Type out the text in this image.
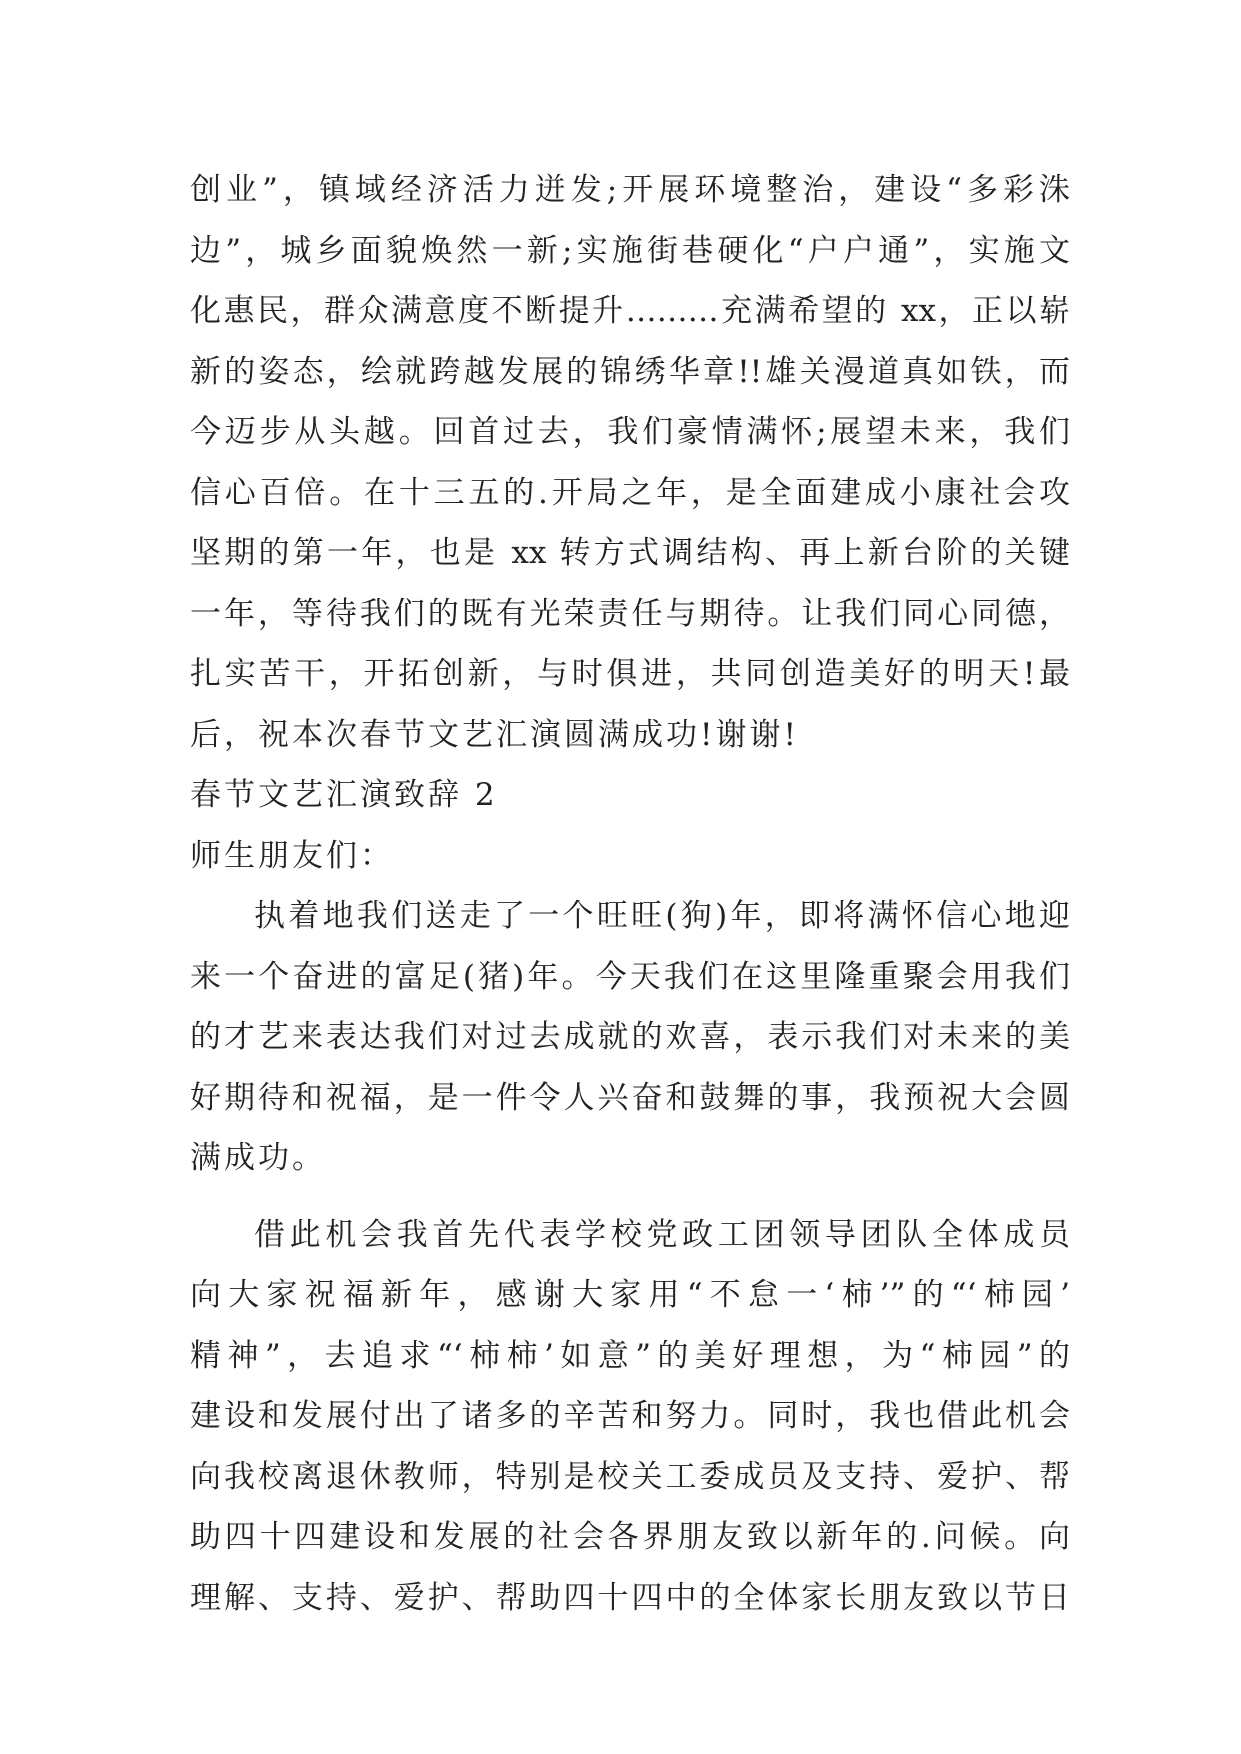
创业”，镇域经济活力迸发;开展环境整治，建设“多彩洙
边”，城乡面貌焕然一新;实施街巷硬化“户户通”，实施文
化惠民，群众满意度不断提升………充满希望的 xx，正以崭
新的姿态，绘就跨越发展的锦绣华章!!雄关漫道真如铁，而
今迈步从头越。回首过去，我们豪情满怀;展望未来，我们
信心百倍。在十三五的.开局之年，是全面建成小康社会攻
坚期的第一年，也是 xx 转方式调结构、再上新台阶的关键
一年，等待我们的既有光荣责任与期待。让我们同心同德，
扎实苦干，开拓创新，与时俱进，共同创造美好的明天!最
后，祝本次春节文艺汇演圆满成功!谢谢!
春节文艺汇演致辞 2
师生朋友们：
执着地我们送走了一个旺旺(狗)年，即将满怀信心地迎
来一个奋进的富足(猪)年。今天我们在这里隆重聚会用我们
的才艺来表达我们对过去成就的欢喜，表示我们对未来的美
好期待和祝福，是一件令人兴奋和鼓舞的事，我预祝大会圆
满成功。
借此机会我首先代表学校党政工团领导团队全体成员
向大家祝福新年，感谢大家用“不怠一‘柿’”的“‘柿园’
精神”，去追求“‘柿柿’如意”的美好理想，为“柿园”的
建设和发展付出了诸多的辛苦和努力。同时，我也借此机会
向我校离退休教师，特别是校关工委成员及支持、爱护、帮
助四十四建设和发展的社会各界朋友致以新年的.问候。向
理解、支持、爱护、帮助四十四中的全体家长朋友致以节日
